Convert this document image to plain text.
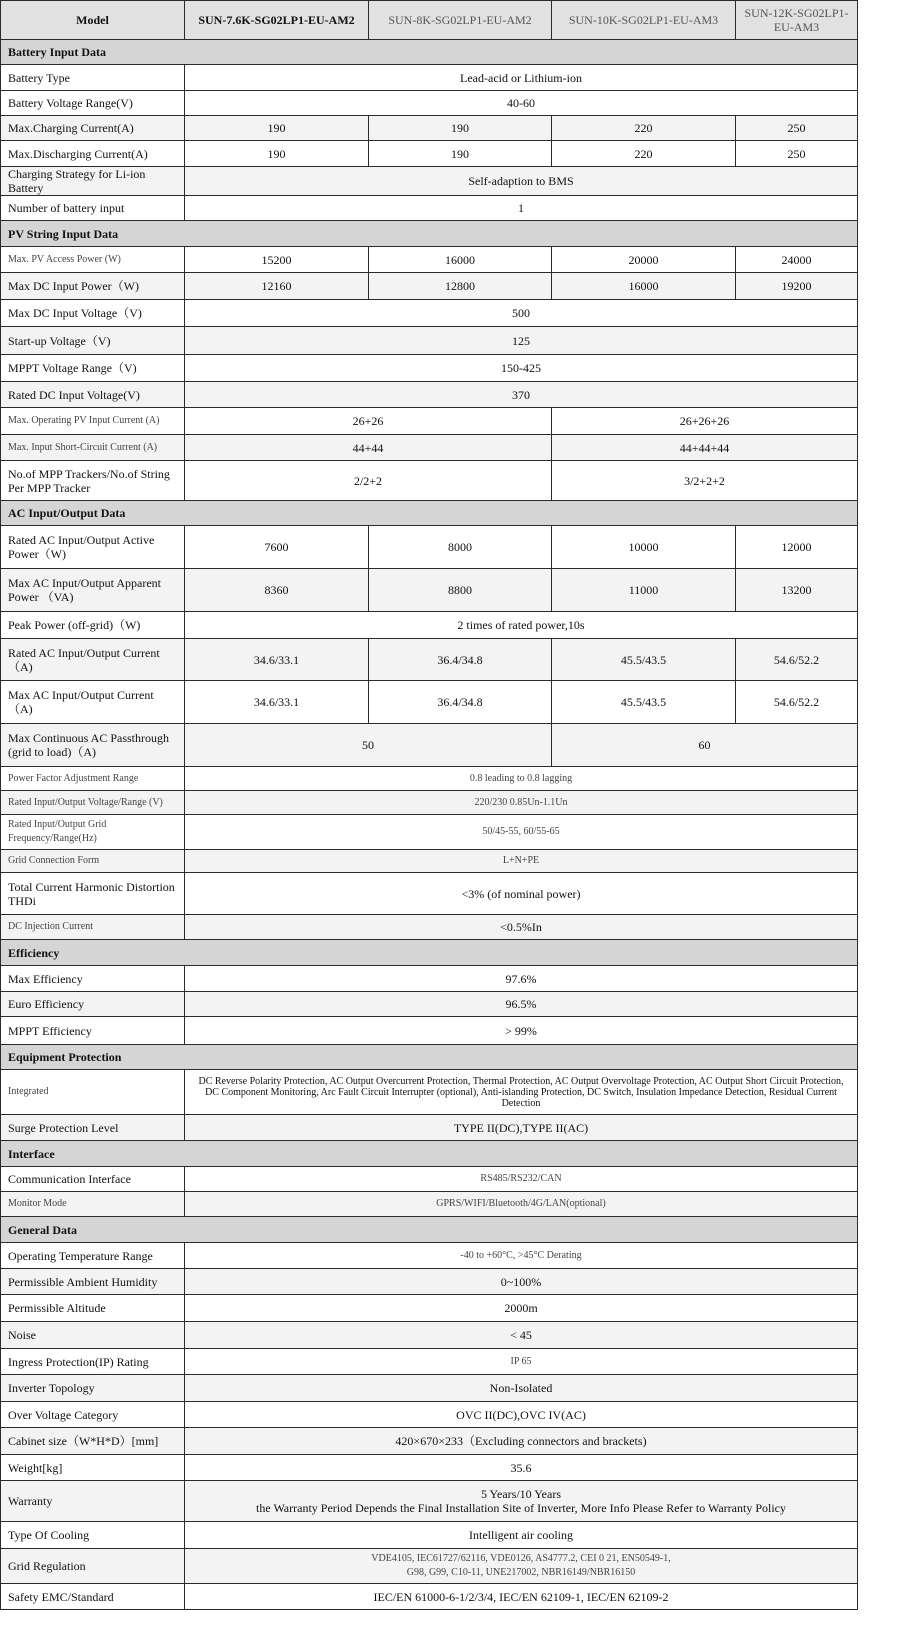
Model	SUN-7.6K-SG02LP1-EU-AM2	SUN-8K-SG02LP1-EU-AM2	SUN-10K-SG02LP1-EU-AM3	SUN-12K-SG02LP1-EU-AM3
Battery Input Data				
Battery Type	Lead-acid or Lithium-ion			
Battery Voltage Range(V)	40-60			
Max.Charging Current(A)	190	190	220	250
Max.Discharging Current(A)	190	190	220	250
Charging Strategy for Li-ion Battery	Self-adaption to BMS			
Number of battery input	1			
PV String Input Data				
Max. PV Access Power (W)	15200	16000	20000	24000
Max DC Input Power（W)	12160	12800	16000	19200
Max DC Input Voltage（V)	500			
Start-up Voltage（V)	125			
MPPT Voltage Range（V)	150-425			
Rated DC Input Voltage(V)	370			
Max. Operating PV Input Current (A)	26+26		26+26+26	
Max. Input Short-Circuit Current (A)	44+44		44+44+44	
No.of MPP Trackers/No.of String Per MPP Tracker	2/2+2		3/2+2+2	
AC Input/Output Data				
Rated AC Input/Output Active Power（W)	7600	8000	10000	12000
Max AC Input/Output Apparent Power （VA)	8360	8800	11000	13200
Peak Power (off-grid)（W)	2 times of rated power,10s			
Rated AC Input/Output Current （A)	34.6/33.1	36.4/34.8	45.5/43.5	54.6/52.2
Max AC Input/Output Current （A)	34.6/33.1	36.4/34.8	45.5/43.5	54.6/52.2
Max Continuous AC Passthrough (grid to load)（A)	50		60	
Power Factor Adjustment Range	0.8 leading to 0.8 lagging			
Rated Input/Output Voltage/Range (V)	220/230 0.85Un-1.1Un			
Rated Input/Output Grid Frequency/Range(Hz)	50/45-55, 60/55-65			
Grid Connection Form	L+N+PE			
Total Current Harmonic Distortion THDi	<3% (of nominal power)			
DC Injection Current	<0.5%In			
Efficiency				
Max Efficiency	97.6%			
Euro Efficiency	96.5%			
MPPT Efficiency	> 99%			
Equipment Protection				
Integrated	DC Reverse Polarity Protection, AC Output Overcurrent Protection, Thermal Protection, AC Output Overvoltage Protection, AC Output Short Circuit Protection, DC Component Monitoring, Arc Fault Circuit Interrupter (optional), Anti-islanding Protection, DC Switch, Insulation Impedance Detection, Residual Current Detection			
Surge Protection Level	TYPE II(DC),TYPE II(AC)			
Interface				
Communication Interface	RS485/RS232/CAN			
Monitor Mode	GPRS/WIFI/Bluetooth/4G/LAN(optional)			
General Data				
Operating Temperature Range	-40 to +60°C, >45°C Derating			
Permissible Ambient Humidity	0~100%			
Permissible Altitude	2000m			
Noise	< 45			
Ingress Protection(IP) Rating	IP 65			
Inverter Topology	Non-Isolated			
Over Voltage Category	OVC II(DC),OVC IV(AC)			
Cabinet size（W*H*D）[mm]	420×670×233（Excluding connectors and brackets)			
Weight[kg]	35.6			
Warranty	5 Years/10 Years
the Warranty Period Depends the Final Installation Site of Inverter, More Info Please Refer to Warranty Policy			

Type Of Cooling	Intelligent air cooling			
Grid Regulation	VDE4105, IEC61727/62116, VDE0126, AS4777.2, CEI 0 21, EN50549-1,
G98, G99, C10-11, UNE217002, NBR16149/NBR16150			

Safety EMC/Standard	IEC/EN 61000-6-1/2/3/4, IEC/EN 62109-1, IEC/EN 62109-2			
